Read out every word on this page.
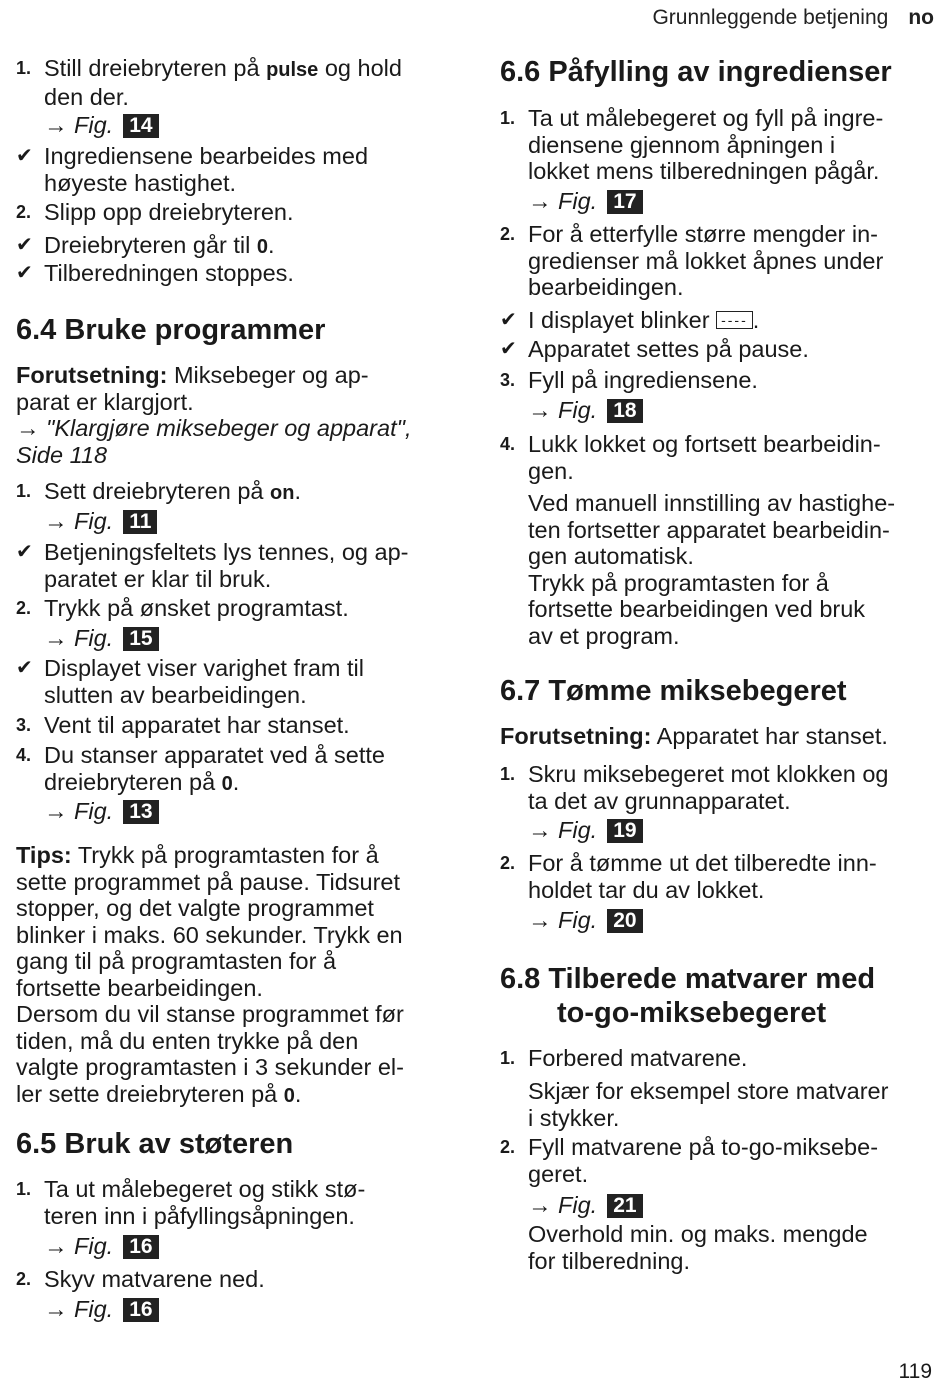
Grunnleggende betjening no
1. Still dreiebryteren på pulse og hold
den der.
→ Fig. 14
✔ Ingrediensene bearbeides med
høyeste hastighet.
2. Slipp opp dreiebryteren.
✔ Dreiebryteren går til 0.
✔ Tilberedningen stoppes.
6.4 Bruke programmer
Forutsetning: Miksebeger og ap-
parat er klargjort.
→ "Klargjøre miksebeger og apparat",
Side 118
1. Sett dreiebryteren på on.
→ Fig. 11
✔ Betjeningsfeltets lys tennes, og ap-
paratet er klar til bruk.
2. Trykk på ønsket programtast.
→ Fig. 15
✔ Displayet viser varighet fram til
slutten av bearbeidingen.
3. Vent til apparatet har stanset.
4. Du stanser apparatet ved å sette
dreiebryteren på 0.
→ Fig. 13
Tips: Trykk på programtasten for å
sette programmet på pause. Tidsuret
stopper, og det valgte programmet
blinker i maks. 60 sekunder. Trykk en
gang til på programtasten for å
fortsette bearbeidingen.
Dersom du vil stanse programmet før
tiden, må du enten trykke på den
valgte programtasten i 3 sekunder el-
ler sette dreiebryteren på 0.
6.5 Bruk av støteren
1. Ta ut målebegeret og stikk stø-
teren inn i påfyllingsåpningen.
→ Fig. 16
2. Skyv matvarene ned.
→ Fig. 16
6.6 Påfylling av ingredienser
1. Ta ut målebegeret og fyll på ingre-
diensene gjennom åpningen i
lokket mens tilberedningen pågår.
→ Fig. 17
2. For å etterfylle større mengder in-
gredienser må lokket åpnes under
bearbeidingen.
✔ I displayet blinker ---- .
✔ Apparatet settes på pause.
3. Fyll på ingrediensene.
→ Fig. 18
4. Lukk lokket og fortsett bearbeidin-
gen.
Ved manuell innstilling av hastighe-
ten fortsetter apparatet bearbeidin-
gen automatisk.
Trykk på programtasten for å
fortsette bearbeidingen ved bruk
av et program.
6.7 Tømme miksebegeret
Forutsetning: Apparatet har stanset.
1. Skru miksebegeret mot klokken og
ta det av grunnapparatet.
→ Fig. 19
2. For å tømme ut det tilberedte inn-
holdet tar du av lokket.
→ Fig. 20
6.8 Tilberede matvarer med
to-go-miksebegeret
1. Forbered matvarene.
Skjær for eksempel store matvarer
i stykker.
2. Fyll matvarene på to-go-miksebe-
geret.
→ Fig. 21
Overhold min. og maks. mengde
for tilberedning.
119
